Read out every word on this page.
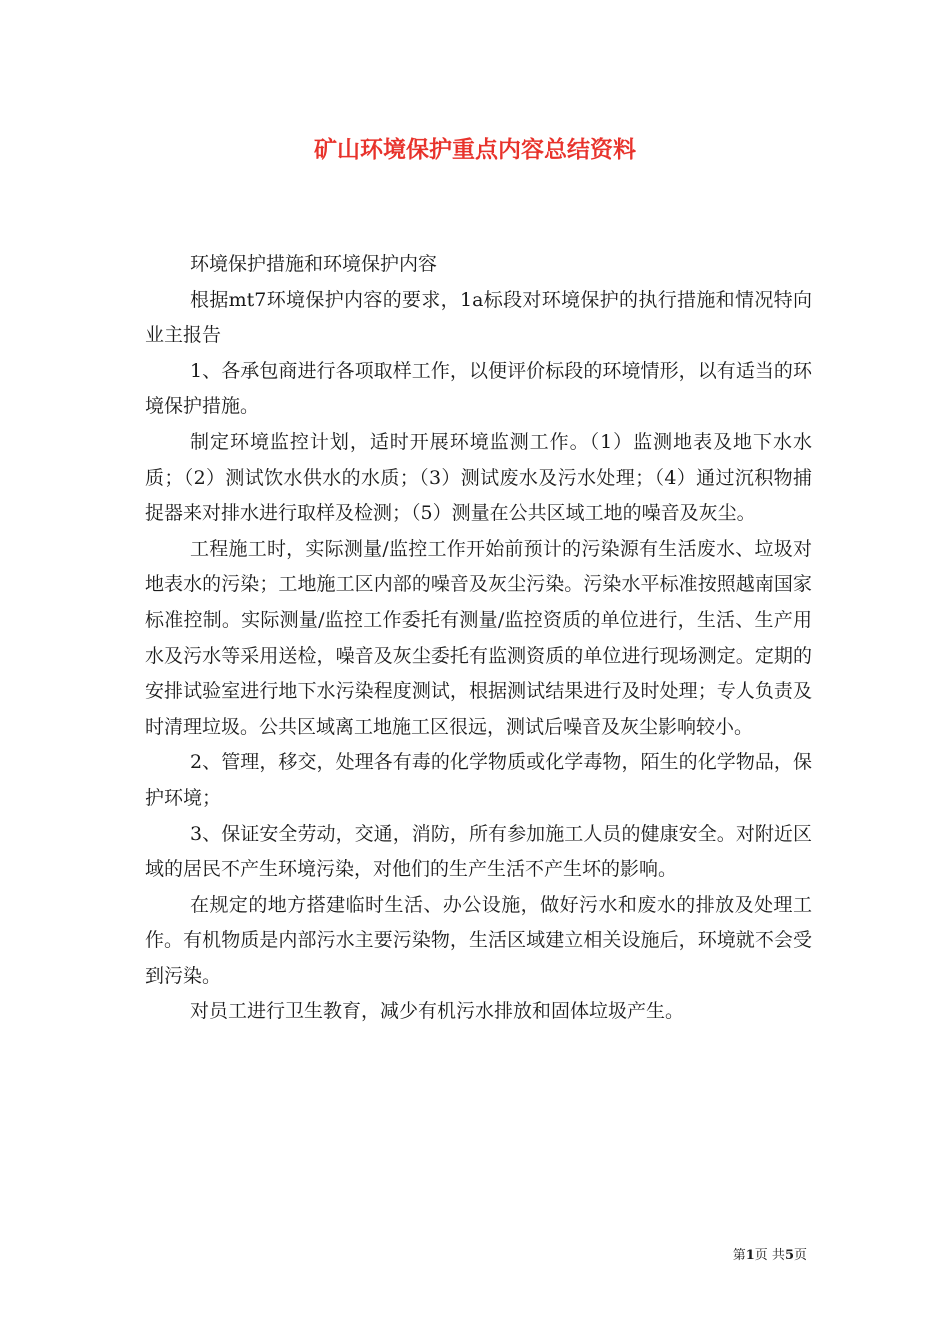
矿山环境保护重点内容总结资料

环境保护措施和环境保护内容

根据mt7环境保护内容的要求，1a标段对环境保护的执行措施和情况特向业主报告

1、各承包商进行各项取样工作，以便评价标段的环境情形，以有适当的环境保护措施。

制定环境监控计划，适时开展环境监测工作。（1）监测地表及地下水水质；（2）测试饮水供水的水质；（3）测试废水及污水处理；（4）通过沉积物捕捉器来对排水进行取样及检测；（5）测量在公共区域工地的噪音及灰尘。

工程施工时，实际测量/监控工作开始前预计的污染源有生活废水、垃圾对地表水的污染；工地施工区内部的噪音及灰尘污染。污染水平标准按照越南国家标准控制。实际测量/监控工作委托有测量/监控资质的单位进行，生活、生产用水及污水等采用送检，噪音及灰尘委托有监测资质的单位进行现场测定。定期的安排试验室进行地下水污染程度测试，根据测试结果进行及时处理；专人负责及时清理垃圾。公共区域离工地施工区很远，测试后噪音及灰尘影响较小。

2、管理，移交，处理各有毒的化学物质或化学毒物，陌生的化学物品，保护环境；

3、保证安全劳动，交通，消防，所有参加施工人员的健康安全。对附近区域的居民不产生环境污染，对他们的生产生活不产生坏的影响。

在规定的地方搭建临时生活、办公设施，做好污水和废水的排放及处理工作。有机物质是内部污水主要污染物，生活区域建立相关设施后，环境就不会受到污染。

对员工进行卫生教育，减少有机污水排放和固体垃圾产生。

第1页 共5页
